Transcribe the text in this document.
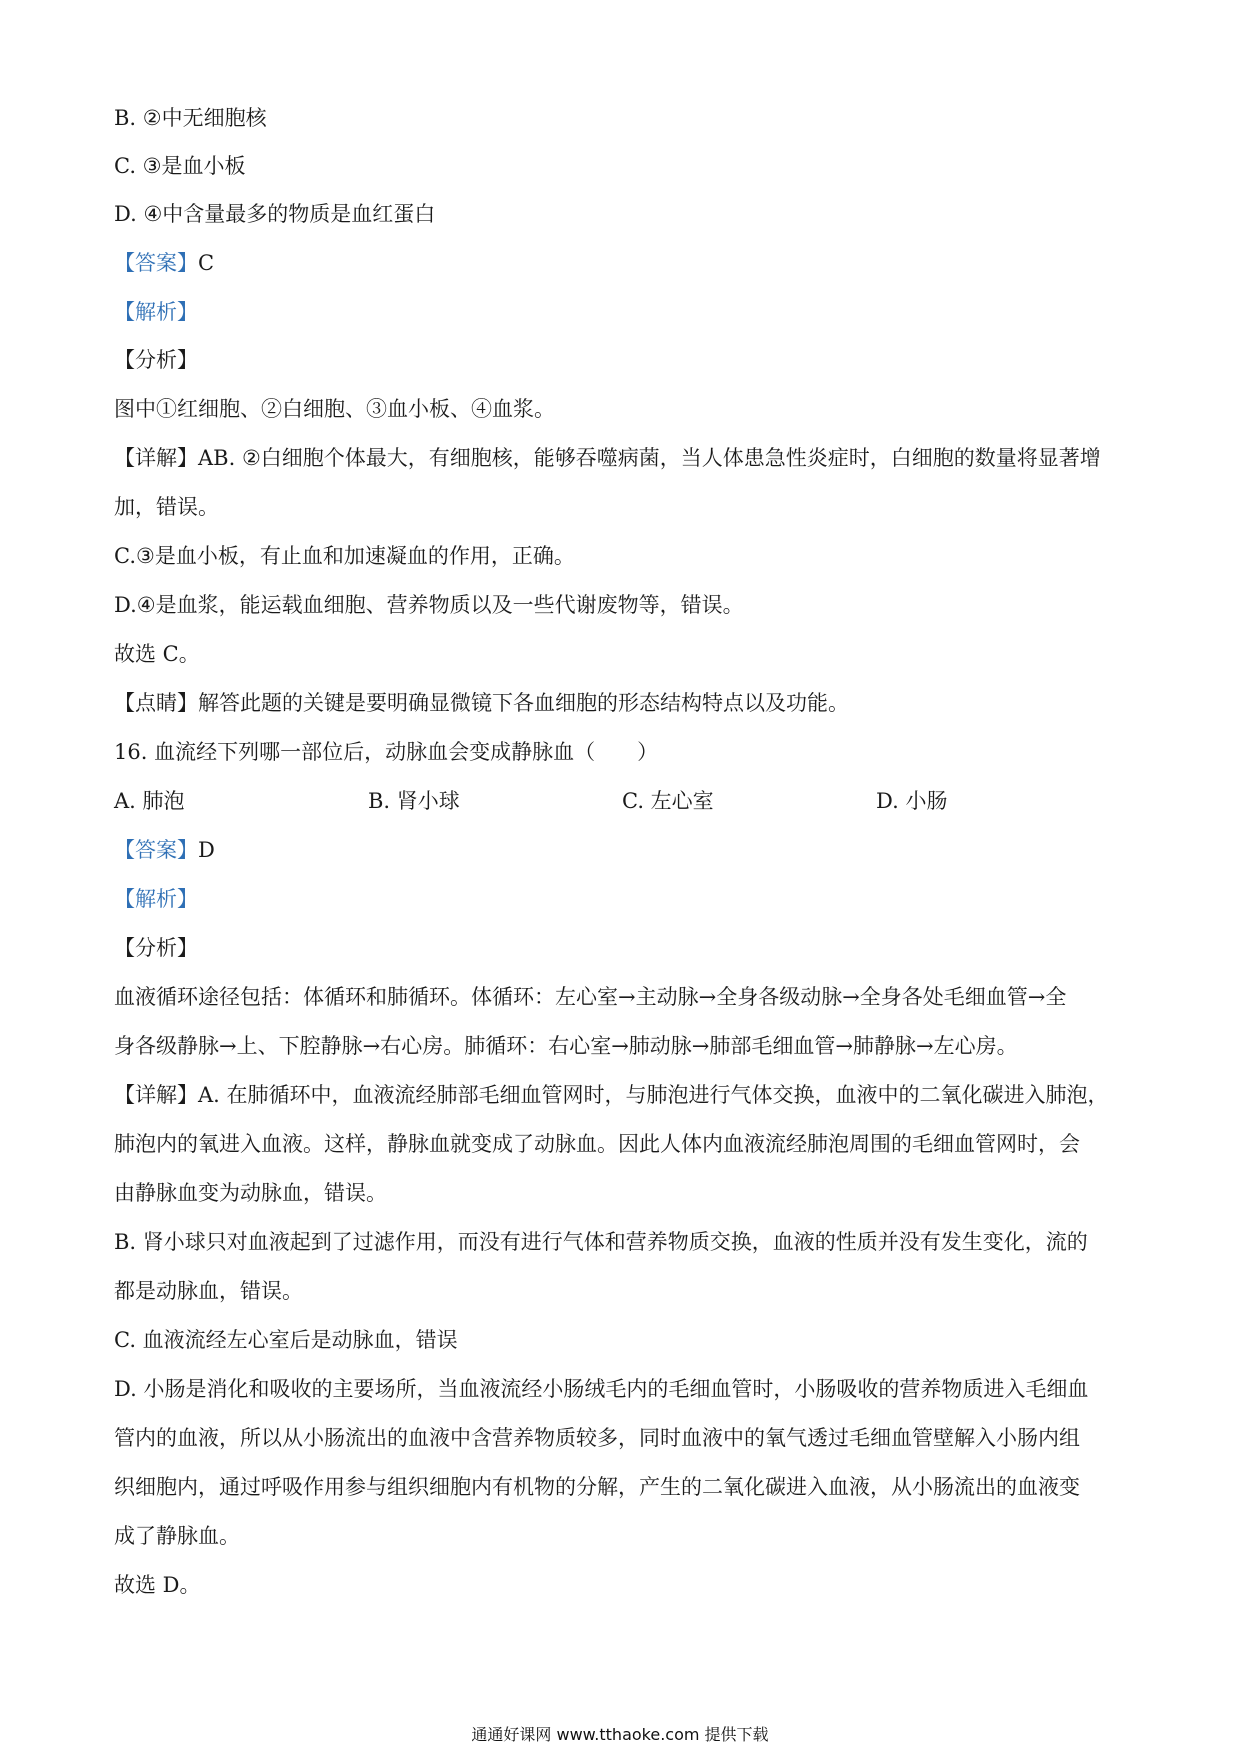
B. ②中无细胞核
C. ③是血小板
D. ④中含量最多的物质是血红蛋白
【答案】C
【解析】
【分析】
图中①红细胞、②白细胞、③血小板、④血浆。
【详解】AB. ②白细胞个体最大，有细胞核，能够吞噬病菌，当人体患急性炎症时，白细胞的数量将显著增
加，错误。
C.③是血小板，有止血和加速凝血的作用，正确。
D.④是血浆，能运载血细胞、营养物质以及一些代谢废物等，错误。
故选 C。
【点睛】解答此题的关键是要明确显微镜下各血细胞的形态结构特点以及功能。
16. 血流经下列哪一部位后，动脉血会变成静脉血（　　）
A. 肺泡	B. 肾小球	C. 左心室	D. 小肠
【答案】D
【解析】
【分析】
血液循环途径包括：体循环和肺循环。体循环：左心室→主动脉→全身各级动脉→全身各处毛细血管→全
身各级静脉→上、下腔静脉→右心房。肺循环：右心室→肺动脉→肺部毛细血管→肺静脉→左心房。
【详解】A. 在肺循环中，血液流经肺部毛细血管网时，与肺泡进行气体交换，血液中的二氧化碳进入肺泡，
肺泡内的氧进入血液。这样，静脉血就变成了动脉血。因此人体内血液流经肺泡周围的毛细血管网时，会
由静脉血变为动脉血，错误。
B. 肾小球只对血液起到了过滤作用，而没有进行气体和营养物质交换，血液的性质并没有发生变化，流的
都是动脉血，错误。
C. 血液流经左心室后是动脉血，错误
D. 小肠是消化和吸收的主要场所，当血液流经小肠绒毛内的毛细血管时，小肠吸收的营养物质进入毛细血
管内的血液，所以从小肠流出的血液中含营养物质较多，同时血液中的氧气透过毛细血管壁解入小肠内组
织细胞内，通过呼吸作用参与组织细胞内有机物的分解，产生的二氧化碳进入血液，从小肠流出的血液变
成了静脉血。
故选 D。
通通好课网 www.tthaoke.com 提供下载
